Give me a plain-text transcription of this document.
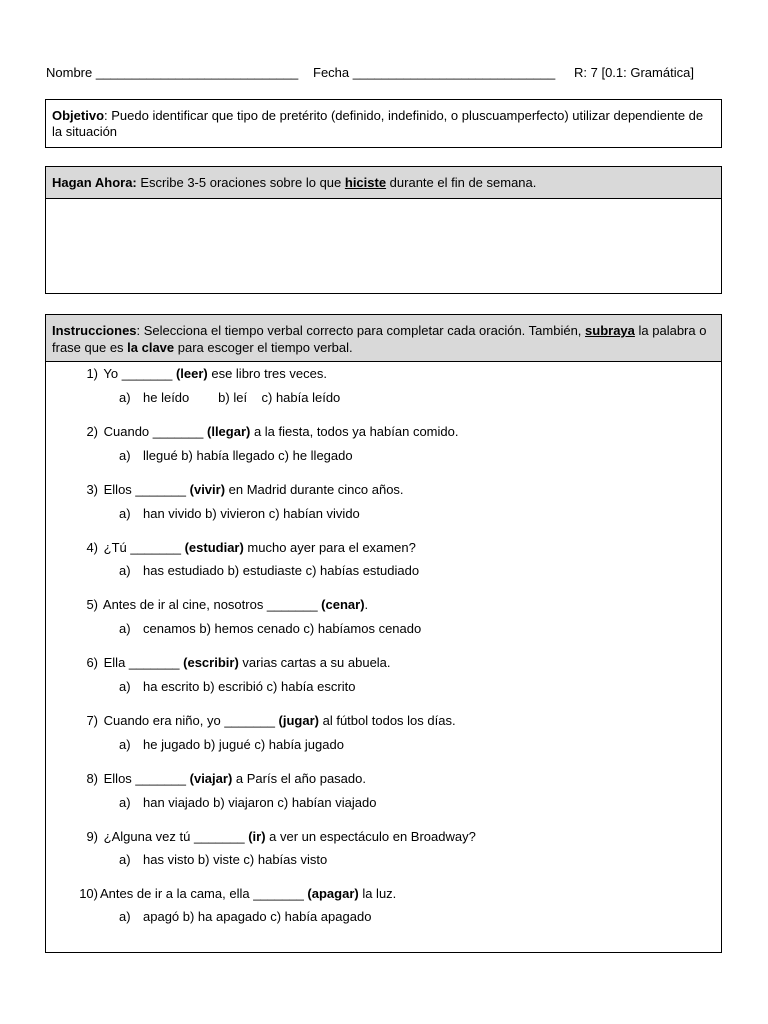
Nombre ____________________________ Fecha ____________________________ R: 7 [0.1: Gramática]
Objetivo: Puedo identificar que tipo de pretérito (definido, indefinido, o pluscuamperfecto) utilizar dependiente de la situación
Hagan Ahora: Escribe 3-5 oraciones sobre lo que hiciste durante el fin de semana.
Instrucciones: Selecciona el tiempo verbal correcto para completar cada oración. También, subraya la palabra o frase que es la clave para escoger el tiempo verbal.
1) Yo _______ (leer) ese libro tres veces.
a) he leído        b) leí    c) había leído
2) Cuando _______ (llegar) a la fiesta, todos ya habían comido.
a) llegué b) había llegado c) he llegado
3) Ellos _______ (vivir) en Madrid durante cinco años.
a) han vivido b) vivieron c) habían vivido
4) ¿Tú _______ (estudiar) mucho ayer para el examen?
a) has estudiado b) estudiaste c) habías estudiado
5) Antes de ir al cine, nosotros _______ (cenar).
a) cenamos b) hemos cenado c) habíamos cenado
6) Ella _______ (escribir) varias cartas a su abuela.
a) ha escrito b) escribió c) había escrito
7) Cuando era niño, yo _______ (jugar) al fútbol todos los días.
a) he jugado b) jugué c) había jugado
8) Ellos _______ (viajar) a París el año pasado.
a) han viajado b) viajaron c) habían viajado
9) ¿Alguna vez tú _______ (ir) a ver un espectáculo en Broadway?
a) has visto b) viste c) habías visto
10) Antes de ir a la cama, ella _______ (apagar) la luz.
a) apagó b) ha apagado c) había apagado
